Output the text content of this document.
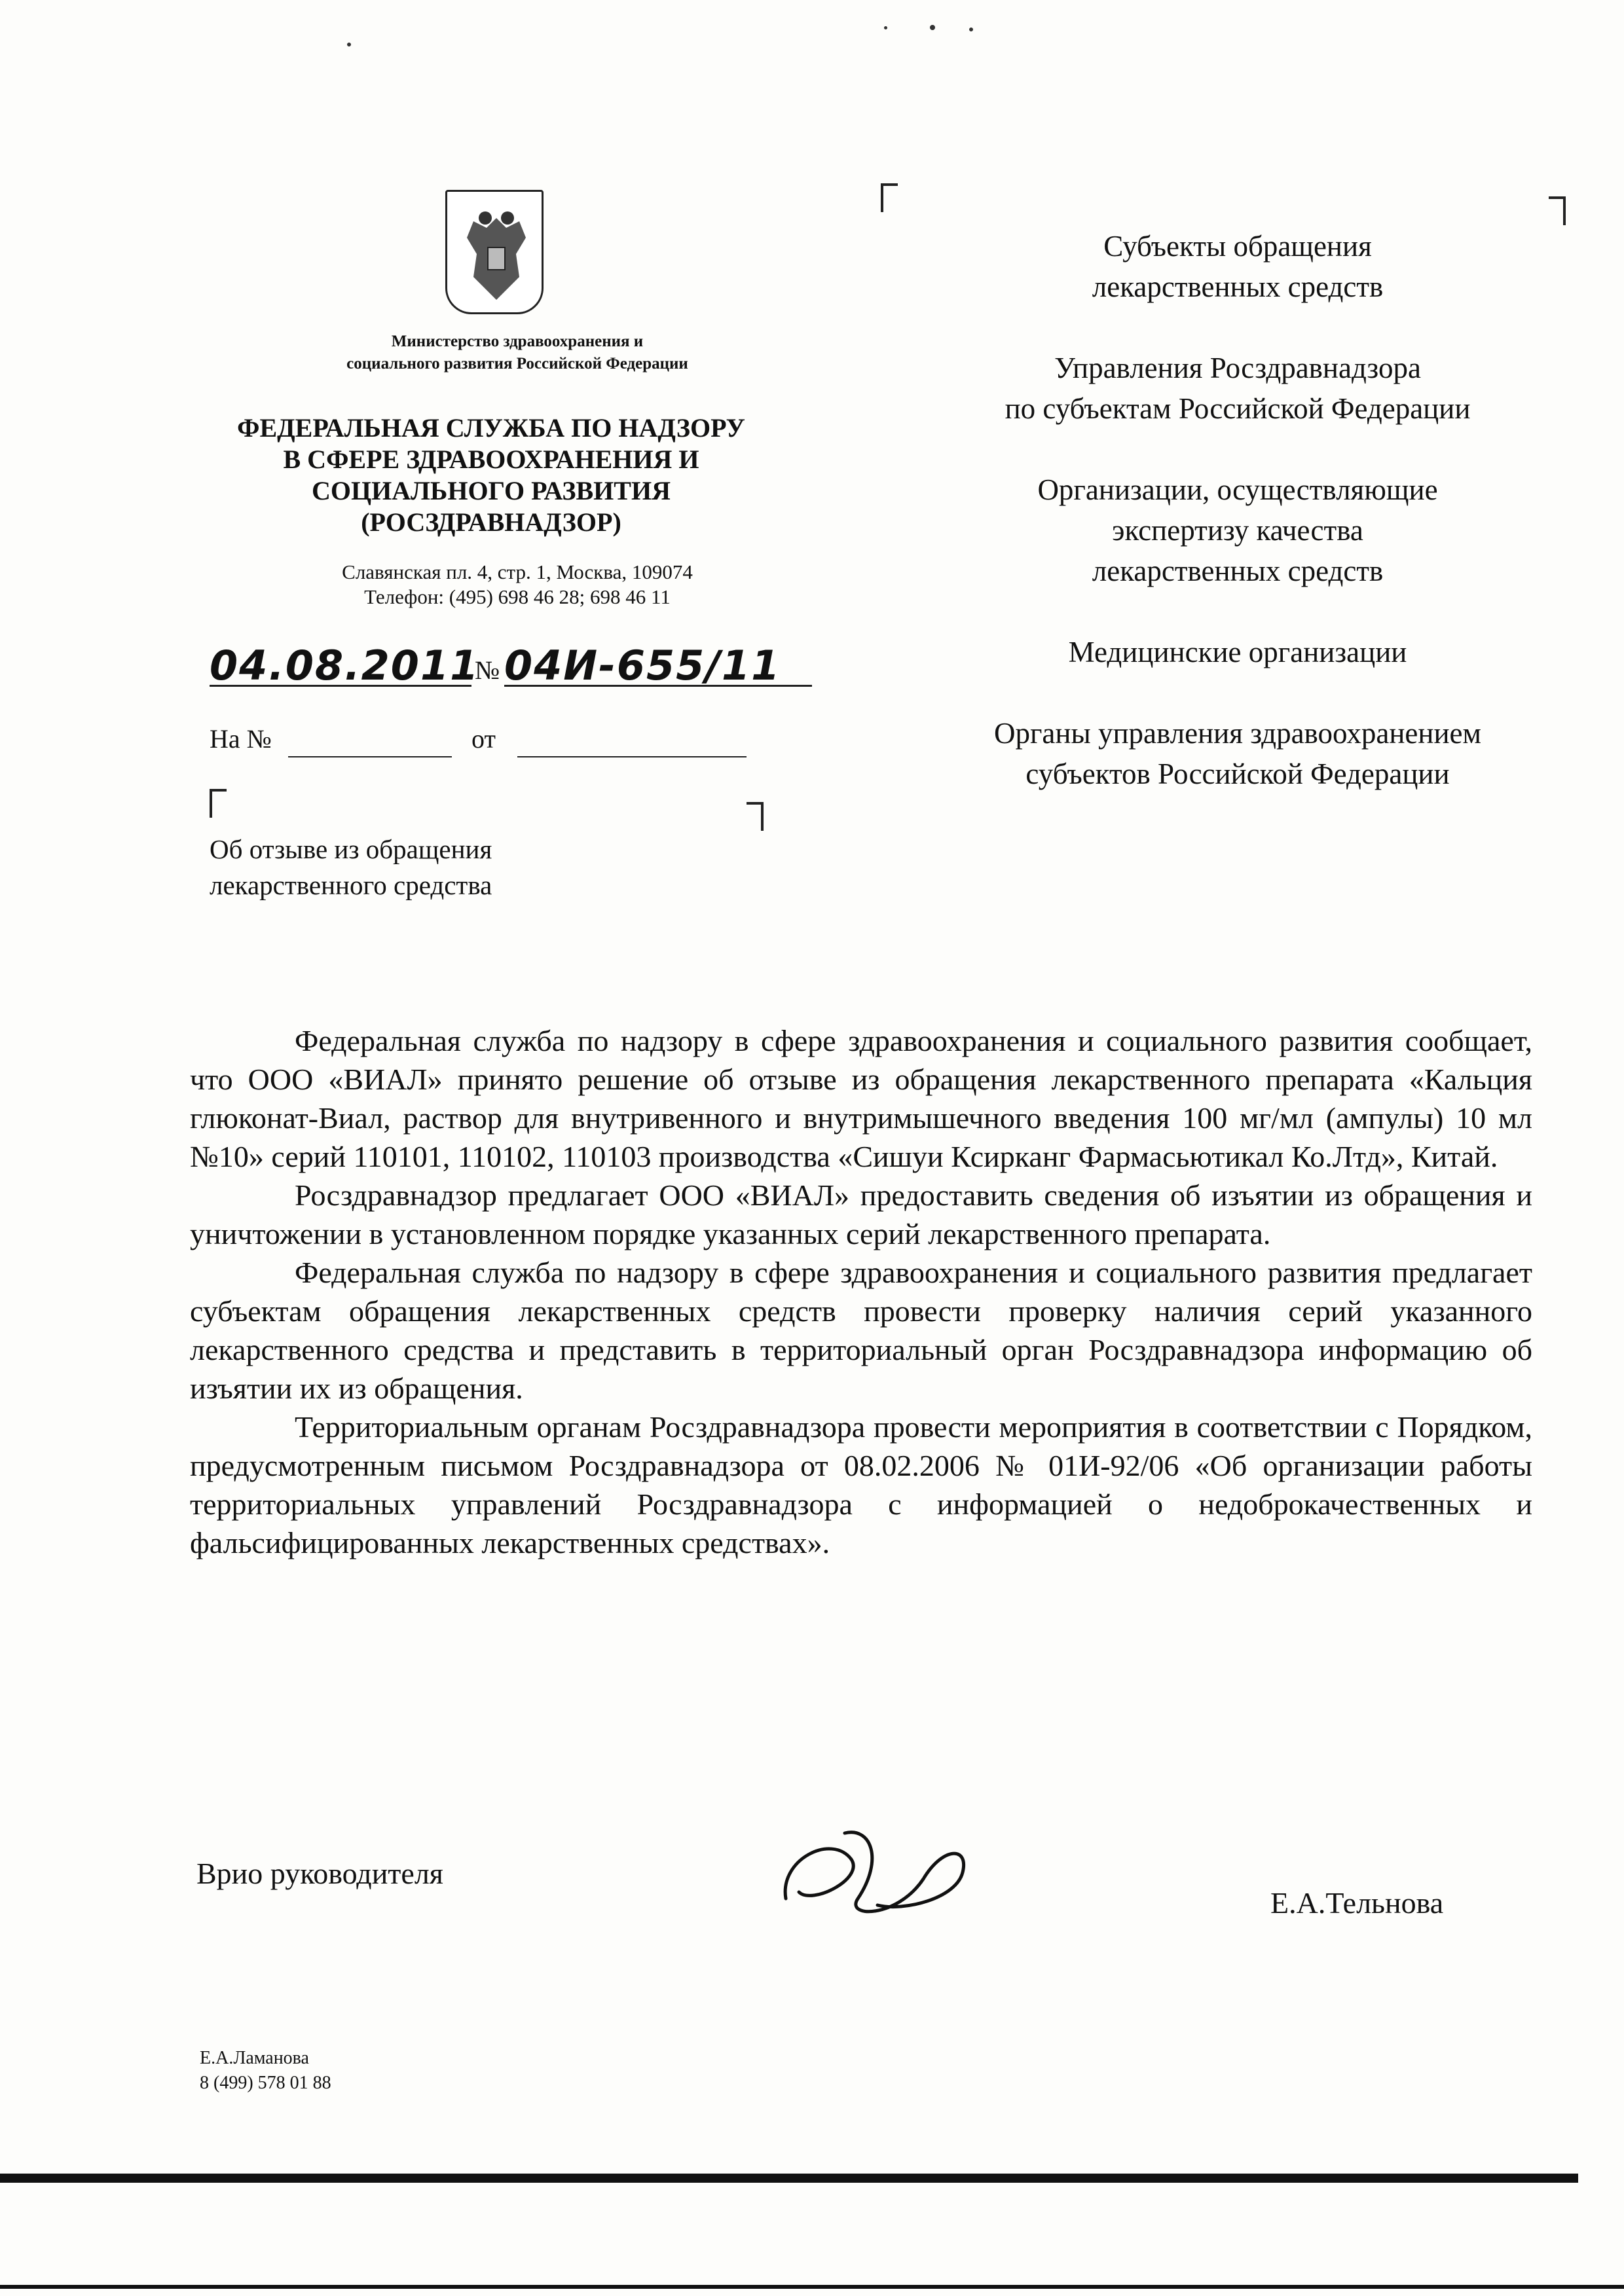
Министерство здравоохранения и
социального развития Российской Федерации
ФЕДЕРАЛЬНАЯ СЛУЖБА ПО НАДЗОРУ
В СФЕРЕ ЗДРАВООХРАНЕНИЯ И
СОЦИАЛЬНОГО РАЗВИТИЯ
(РОСЗДРАВНАДЗОР)
Славянская пл. 4, стр. 1, Москва, 109074
Телефон: (495) 698 46 28; 698 46 11
04.08.2011
№ 04И-655/11
На №	от
Об отзыве из обращения
лекарственного средства
Субъекты обращения
лекарственных средств
Управления Росздравнадзора
по субъектам Российской Федерации
Организации, осуществляющие
экспертизу качества
лекарственных средств
Медицинские организации
Органы управления здравоохранением
субъектов Российской Федерации

Федеральная служба по надзору в сфере здравоохранения и социального развития сообщает, что ООО «ВИАЛ» принято решение об отзыве из обращения лекарственного препарата «Кальция глюконат-Виал, раствор для внутривенного и внутримышечного введения 100 мг/мл (ампулы) 10 мл №10» серий 110101, 110102, 110103 производства «Сишуи Ксирканг Фармасьютикал Ко.Лтд», Китай.

Росздравнадзор предлагает ООО «ВИАЛ» предоставить сведения об изъятии из обращения и уничтожении в установленном порядке указанных серий лекарственного препарата.

Федеральная служба по надзору в сфере здравоохранения и социального развития предлагает субъектам обращения лекарственных средств провести проверку наличия серий указанного лекарственного средства и представить в территориальный орган Росздравнадзора информацию об изъятии их из обращения.

Территориальным органам Росздравнадзора провести мероприятия в соответствии с Порядком, предусмотренным письмом Росздравнадзора от 08.02.2006 № 01И-92/06 «Об организации работы территориальных управлений Росздравнадзора с информацией о недоброкачественных и фальсифицированных лекарственных средствах».

Врио руководителя
Е.А.Тельнова
Е.А.Ламанова
8 (499) 578 01 88
